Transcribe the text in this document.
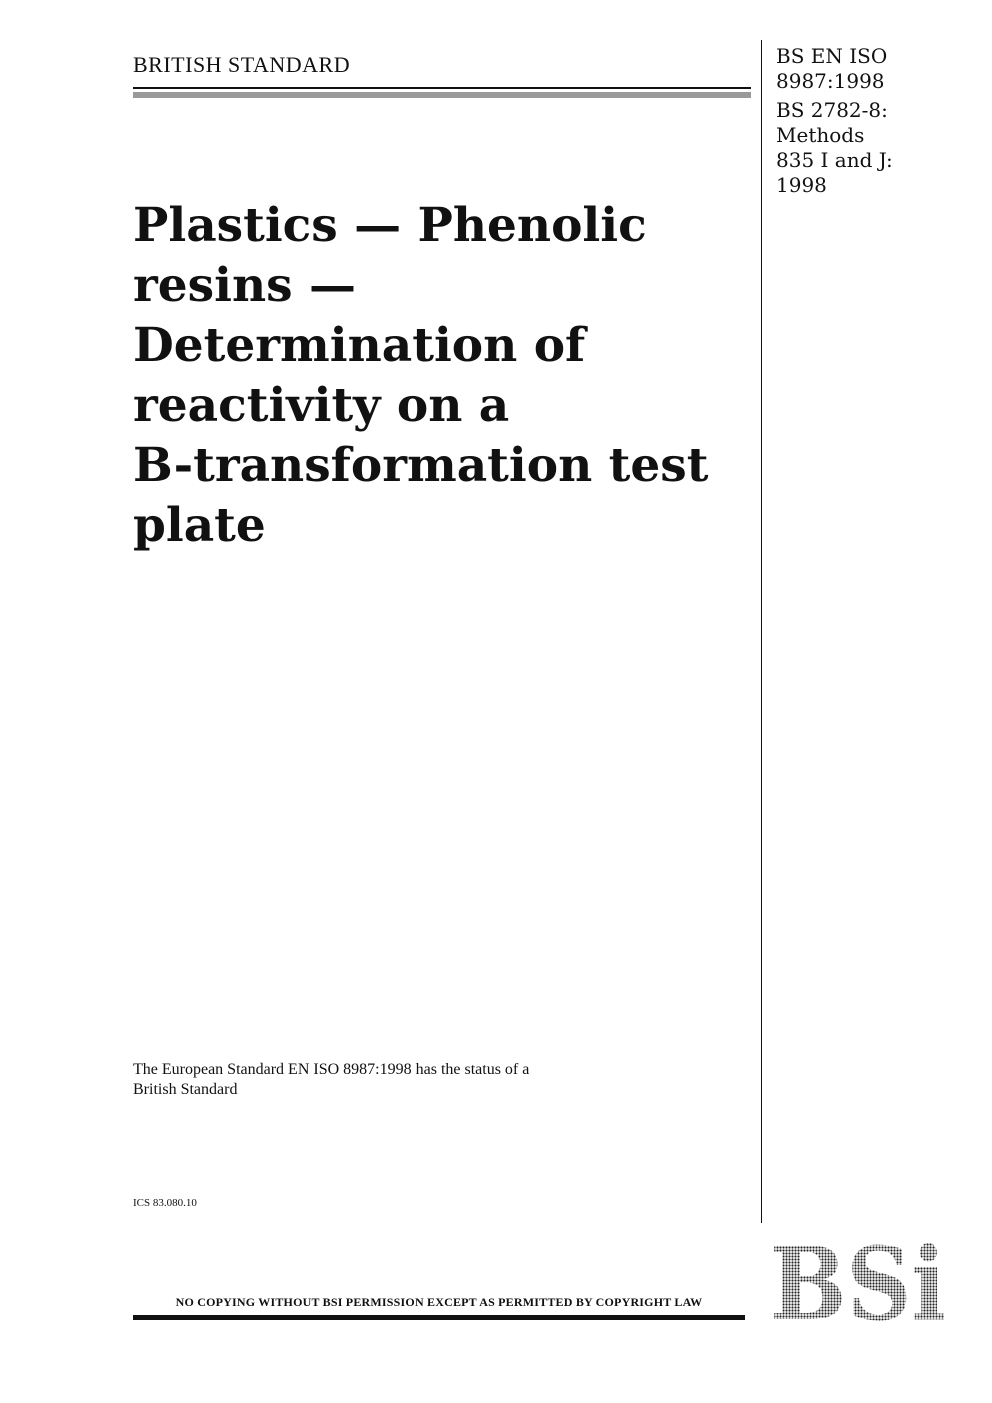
BRITISH STANDARD	BS EN ISO
8987:1998
BS 2782-8:
Methods
835 I and J:
1998
Plastics — Phenolic
resins —
Determination of
reactivity on a
B-transformation test
plate
The European Standard EN ISO 8987:1998 has the status of a
British Standard
ICS 83.080.10
NO COPYING WITHOUT BSI PERMISSION EXCEPT AS PERMITTED BY COPYRIGHT LAW
